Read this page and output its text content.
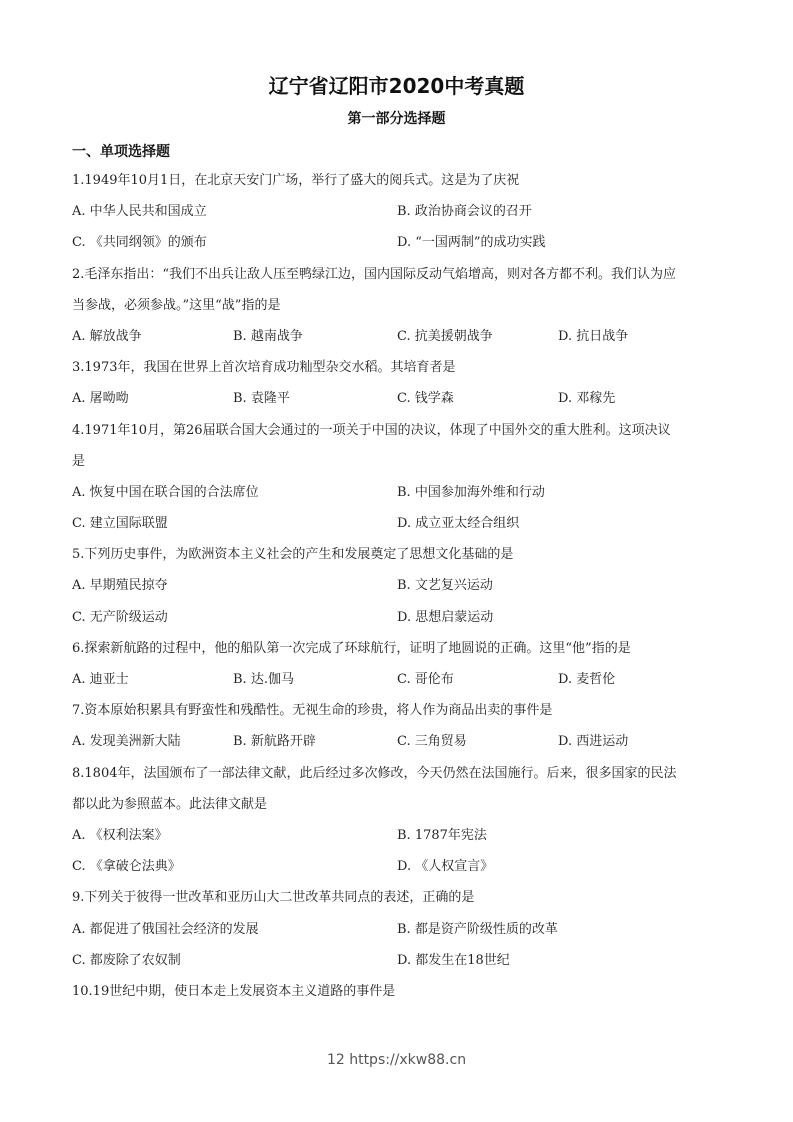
辽宁省辽阳市2020中考真题
第一部分选择题
一、单项选择题
1.1949年10月1日，在北京天安门广场，举行了盛大的阅兵式。这是为了庆祝
A. 中华人民共和国成立	B. 政治协商会议的召开
C. 《共同纲领》的颁布	D. “一国两制”的成功实践
2.毛泽东指出：“我们不出兵让敌人压至鸭绿江边，国内国际反动气焰增高，则对各方都不利。我们认为应
当参战，必须参战。”这里“战”指的是
A. 解放战争	B. 越南战争	C. 抗美援朝战争	D. 抗日战争
3.1973年，我国在世界上首次培育成功籼型杂交水稻。其培育者是
A. 屠呦呦	B. 袁隆平	C. 钱学森	D. 邓稼先
4.1971年10月，第26届联合国大会通过的一项关于中国的决议，体现了中国外交的重大胜利。这项决议
是
A. 恢复中国在联合国的合法席位	B. 中国参加海外维和行动
C. 建立国际联盟	D. 成立亚太经合组织
5.下列历史事件，为欧洲资本主义社会的产生和发展奠定了思想文化基础的是
A. 早期殖民掠夺	B. 文艺复兴运动
C. 无产阶级运动	D. 思想启蒙运动
6.探索新航路的过程中，他的船队第一次完成了环球航行，证明了地圆说的正确。这里“他”指的是
A. 迪亚士	B. 达.伽马	C. 哥伦布	D. 麦哲伦
7.资本原始积累具有野蛮性和残酷性。无视生命的珍贵，将人作为商品出卖的事件是
A. 发现美洲新大陆	B. 新航路开辟	C. 三角贸易	D. 西进运动
8.1804年，法国颁布了一部法律文献，此后经过多次修改，今天仍然在法国施行。后来，很多国家的民法
都以此为参照蓝本。此法律文献是
A. 《权利法案》	B. 1787年宪法
C. 《拿破仑法典》	D. 《人权宣言》
9.下列关于彼得一世改革和亚历山大二世改革共同点的表述，正确的是
A. 都促进了俄国社会经济的发展	B. 都是资产阶级性质的改革
C. 都废除了农奴制	D. 都发生在18世纪
10.19世纪中期，使日本走上发展资本主义道路的事件是
12 https://xkw88.cn
